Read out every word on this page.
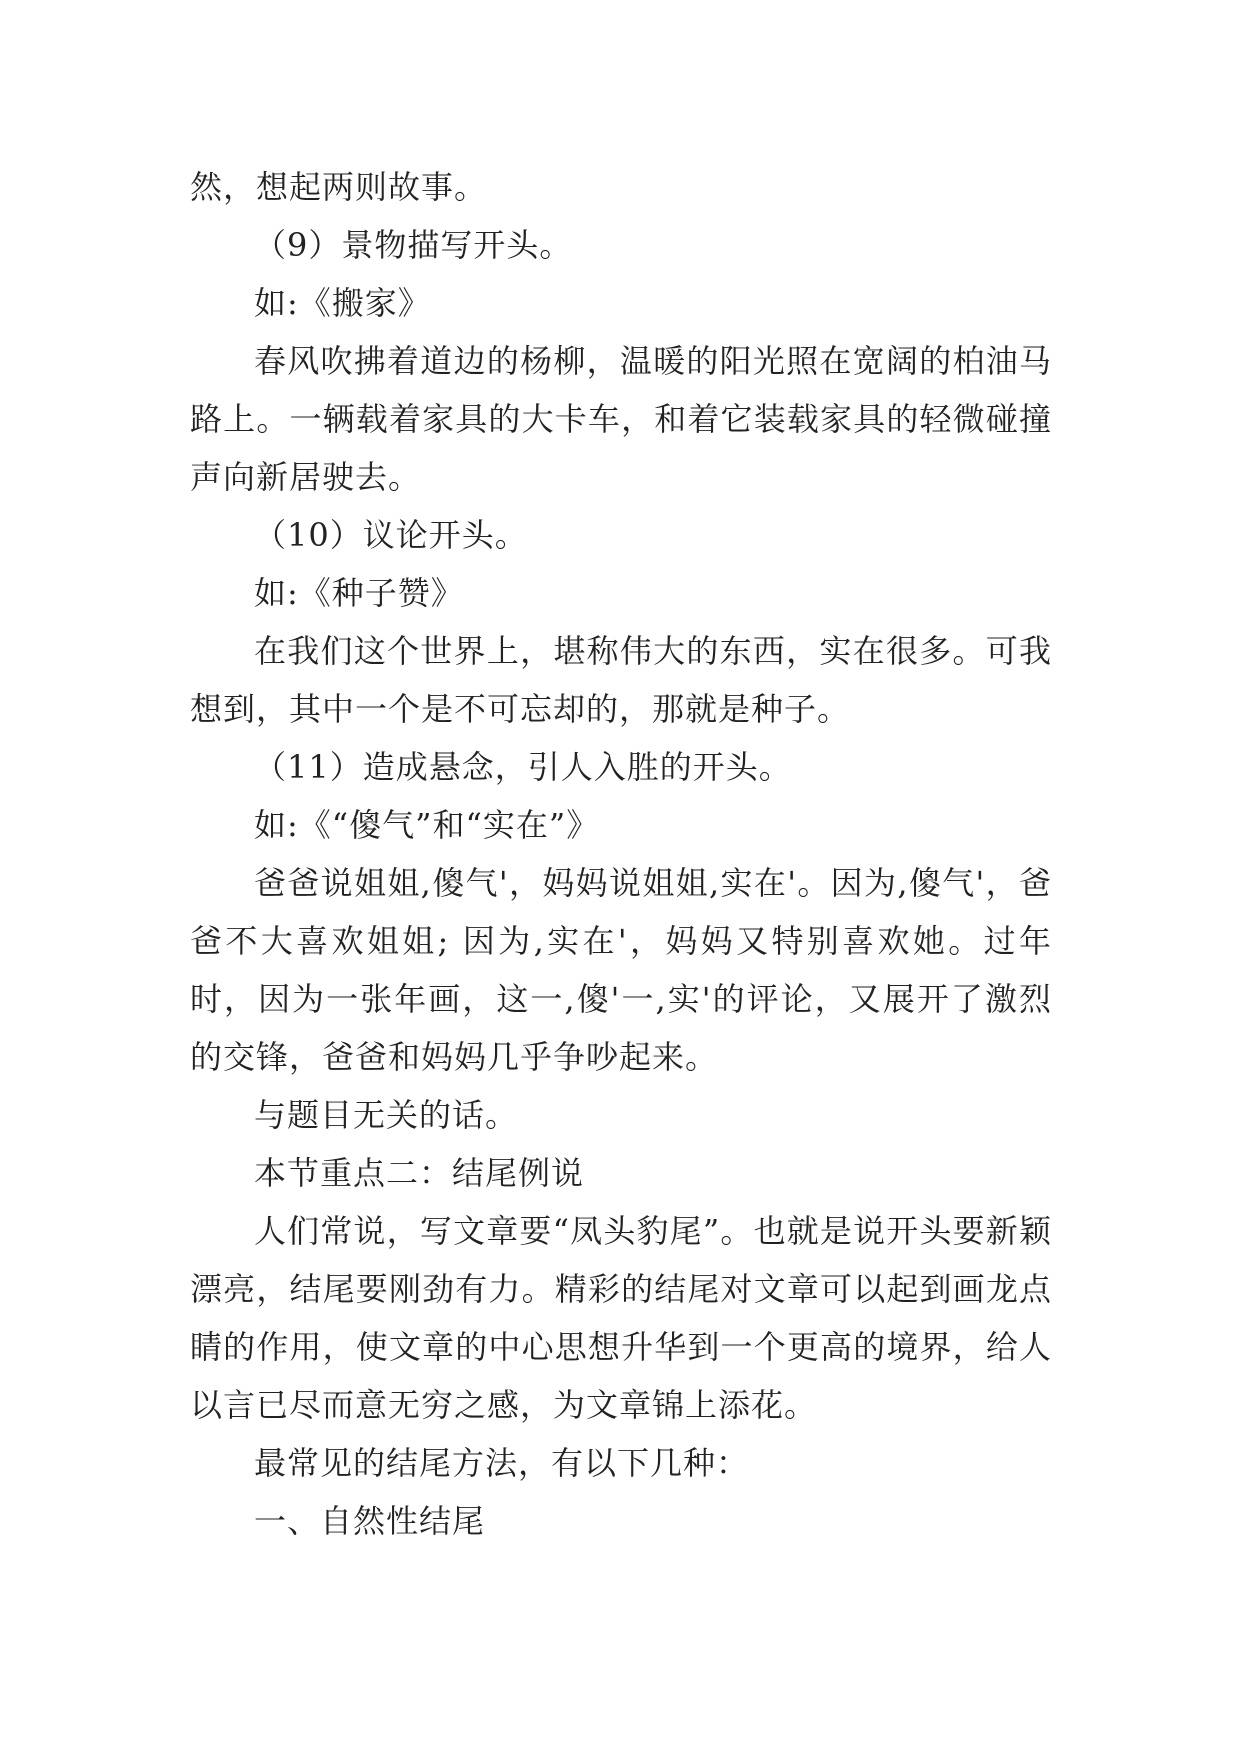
然，想起两则故事。

（9）景物描写开头。

如:《搬家》

春风吹拂着道边的杨柳，温暖的阳光照在宽阔的柏油马路上。一辆载着家具的大卡车，和着它装载家具的轻微碰撞声向新居驶去。

（10）议论开头。

如:《种子赞》

在我们这个世界上，堪称伟大的东西，实在很多。可我想到，其中一个是不可忘却的，那就是种子。

（11）造成悬念，引人入胜的开头。

如:《“傻气”和“实在”》

爸爸说姐姐,傻气'，妈妈说姐姐,实在'。因为,傻气'，爸爸不大喜欢姐姐; 因为,实在'，妈妈又特别喜欢她。过年时，因为一张年画，这一,傻'一,实'的评论，又展开了激烈的交锋，爸爸和妈妈几乎争吵起来。

与题目无关的话。

本节重点二：结尾例说

人们常说，写文章要“凤头豹尾”。也就是说开头要新颖漂亮，结尾要刚劲有力。精彩的结尾对文章可以起到画龙点睛的作用，使文章的中心思想升华到一个更高的境界，给人以言已尽而意无穷之感，为文章锦上添花。

最常见的结尾方法，有以下几种：

一、自然性结尾
